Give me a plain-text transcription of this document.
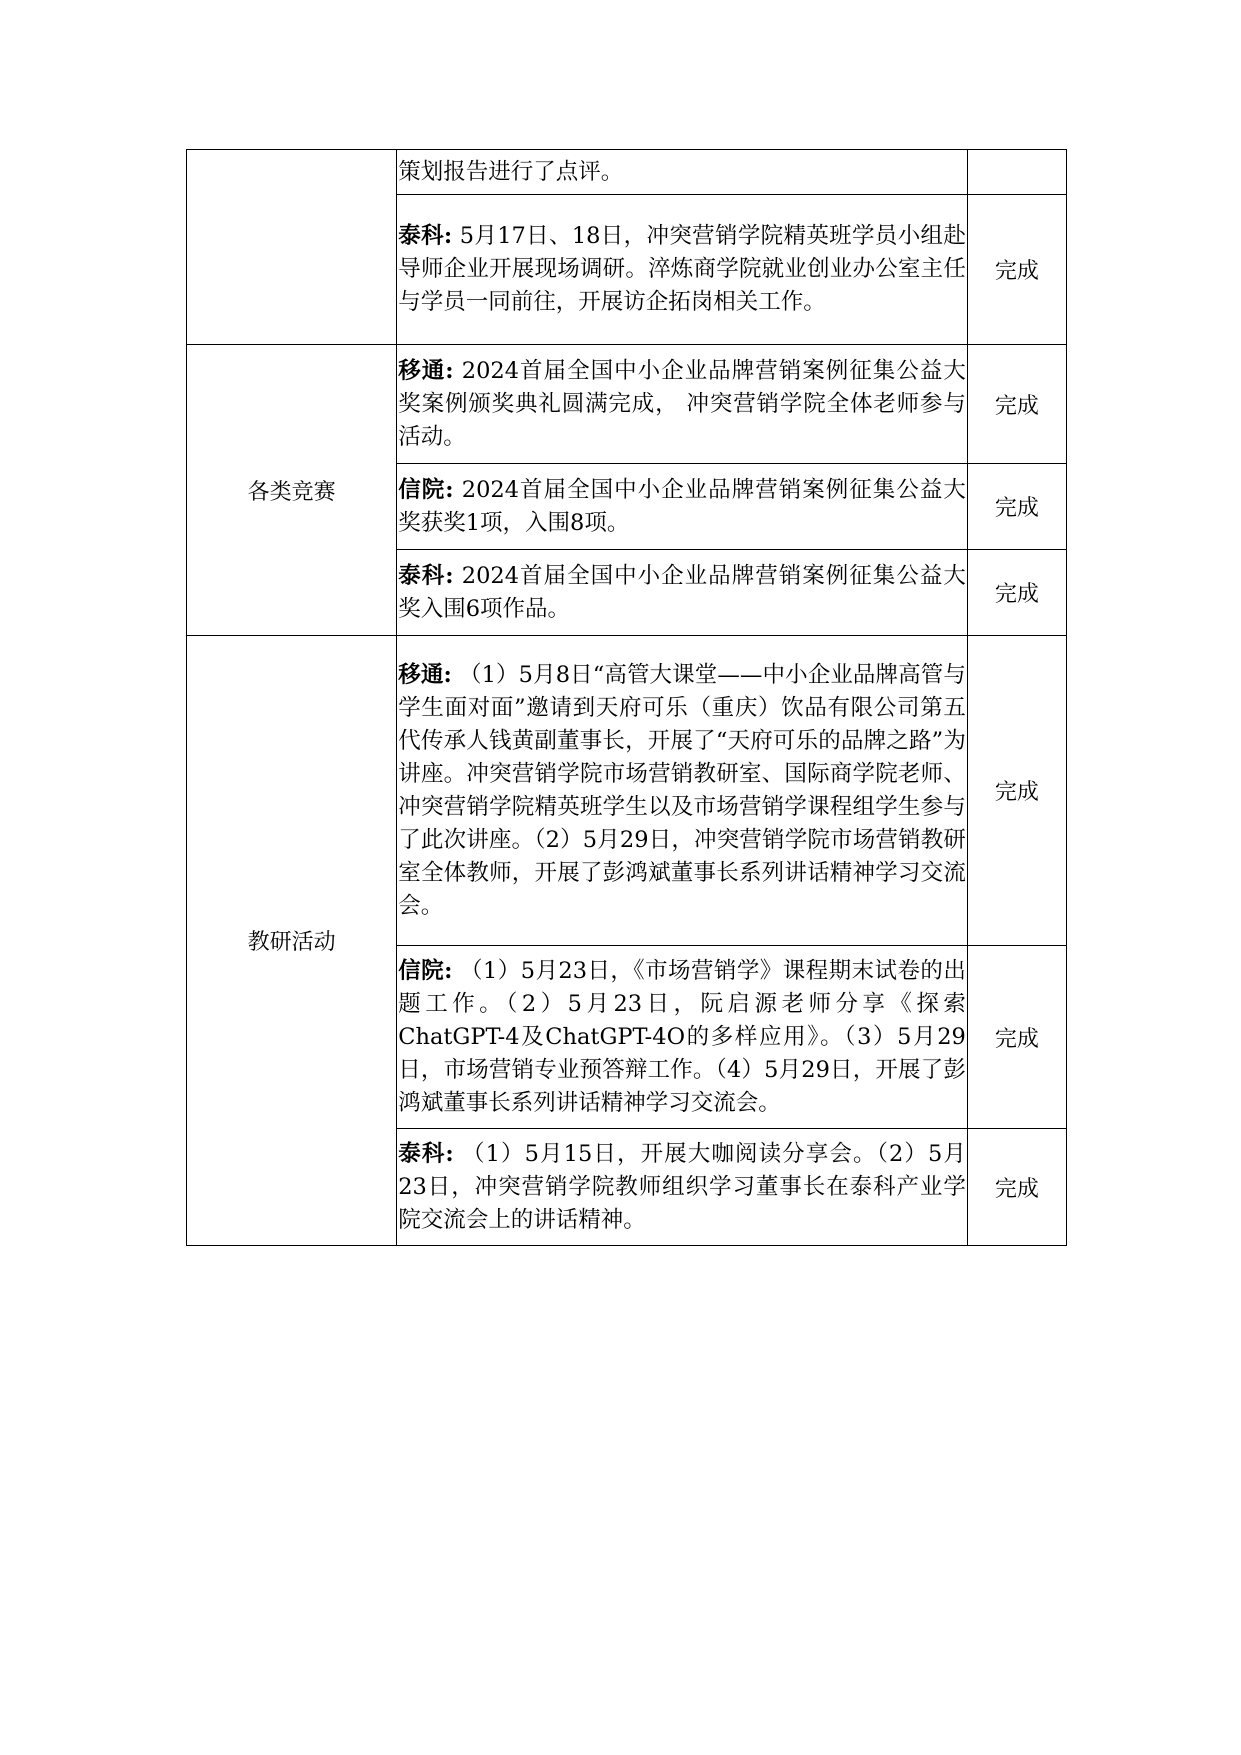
	策划报告进行了点评。	
	泰科: 5月17日、18日，冲突营销学院精英班学员小组赴导师企业开展现场调研。淬炼商学院就业创业办公室主任与学员一同前往，开展访企拓岗相关工作。	完成
各类竞赛	移通: 2024首届全国中小企业品牌营销案例征集公益大奖案例颁奖典礼圆满完成， 冲突营销学院全体老师参与活动。	完成
	信院: 2024首届全国中小企业品牌营销案例征集公益大奖获奖1项，入围8项。	完成
	泰科: 2024首届全国中小企业品牌营销案例征集公益大奖入围6项作品。	完成
教研活动	移通: （1）5月8日“高管大课堂——中小企业品牌高管与学生面对面”邀请到天府可乐（重庆）饮品有限公司第五代传承人钱黄副董事长，开展了“天府可乐的品牌之路”为讲座。冲突营销学院市场营销教研室、国际商学院老师、冲突营销学院精英班学生以及市场营销学课程组学生参与了此次讲座。（2）5月29日，冲突营销学院市场营销教研室全体教师，开展了彭鸿斌董事长系列讲话精神学习交流会。	完成
	信院: （1）5月23日，《市场营销学》课程期末试卷的出题工作。（2）5月23日，阮启源老师分享《探索ChatGPT-4及ChatGPT-4O的多样应用》。（3）5月29日，市场营销专业预答辩工作。（4）5月29日，开展了彭鸿斌董事长系列讲话精神学习交流会。	完成
	泰科: （1）5月15日，开展大咖阅读分享会。（2）5月23日，冲突营销学院教师组织学习董事长在泰科产业学院交流会上的讲话精神。	完成
